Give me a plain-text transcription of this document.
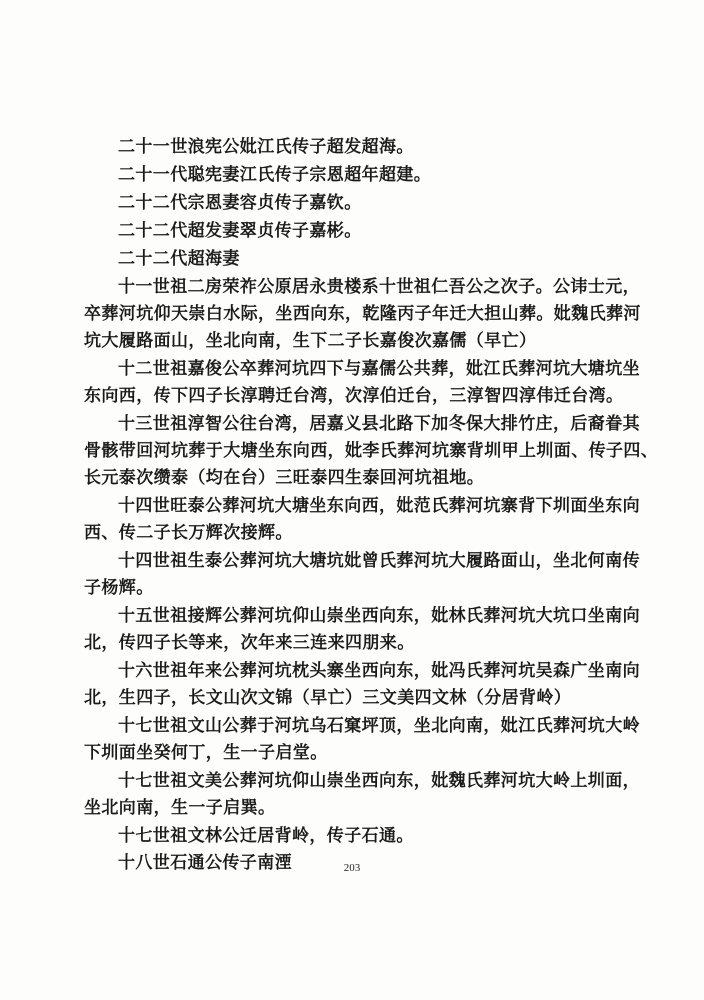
二十一世浪宪公妣江氏传子超发超海。

二十一代聪宪妻江氏传子宗恩超年超建。

二十二代宗恩妻容贞传子嘉钦。

二十二代超发妻翠贞传子嘉彬。

二十二代超海妻

十一世祖二房荣祚公原居永贵楼系十世祖仁吾公之次子。公讳士元，

卒葬河坑仰天崇白水际，坐西向东，乾隆丙子年迁大担山葬。妣魏氏葬河

坑大履路面山，坐北向南，生下二子长嘉俊次嘉儒（早亡）

十二世祖嘉俊公卒葬河坑四下与嘉儒公共葬，妣江氏葬河坑大塘坑坐

东向西，传下四子长淳聘迁台湾，次淳伯迁台，三淳智四淳伟迁台湾。

十三世祖淳智公往台湾，居嘉义县北路下加冬保大排竹庄，后裔眷其

骨骸带回河坑葬于大塘坐东向西，妣李氏葬河坑寨背圳甲上圳面、传子四、

长元泰次缵泰（均在台）三旺泰四生泰回河坑祖地。

十四世旺泰公葬河坑大塘坐东向西，妣范氏葬河坑寨背下圳面坐东向

西、传二子长万辉次接辉。

十四世祖生泰公葬河坑大塘坑妣曾氏葬河坑大履路面山，坐北何南传

子杨辉。

十五世祖接辉公葬河坑仰山崇坐西向东，妣林氏葬河坑大坑口坐南向

北，传四子长等来，次年来三连来四朋来。

十六世祖年来公葬河坑枕头寨坐西向东，妣冯氏葬河坑吴森广坐南向

北，生四子，长文山次文锦（早亡）三文美四文林（分居背岭）

十七世祖文山公葬于河坑乌石窠坪顶，坐北向南，妣江氏葬河坑大岭

下圳面坐癸何丁，生一子启堂。

十七世祖文美公葬河坑仰山崇坐西向东，妣魏氏葬河坑大岭上圳面，

坐北向南，生一子启巽。

十七世祖文林公迁居背岭，传子石通。

十八世石通公传子南湮	203
